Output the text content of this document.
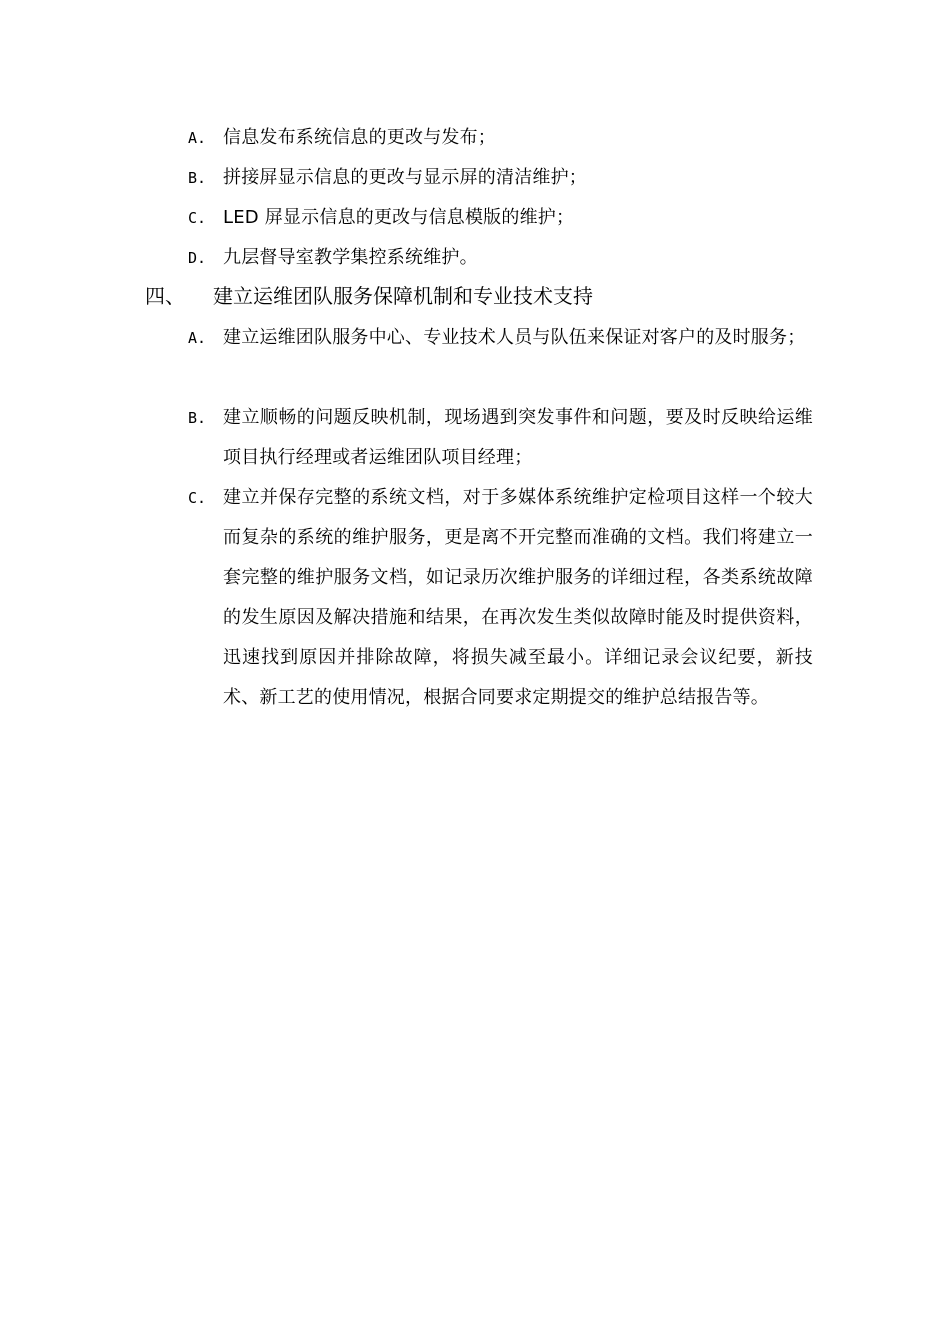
A. 信息发布系统信息的更改与发布；
B. 拼接屏显示信息的更改与显示屏的清洁维护；
C. LED 屏显示信息的更改与信息模版的维护；
D. 九层督导室教学集控系统维护。
四、 建立运维团队服务保障机制和专业技术支持
A. 建立运维团队服务中心、专业技术人员与队伍来保证对客户的及时服务；
B. 建立顺畅的问题反映机制，现场遇到突发事件和问题，要及时反映给运维项目执行经理或者运维团队项目经理；
C. 建立并保存完整的系统文档，对于多媒体系统维护定检项目这样一个较大而复杂的系统的维护服务，更是离不开完整而准确的文档。我们将建立一套完整的维护服务文档，如记录历次维护服务的详细过程，各类系统故障的发生原因及解决措施和结果，在再次发生类似故障时能及时提供资料，迅速找到原因并排除故障，将损失减至最小。详细记录会议纪要，新技术、新工艺的使用情况，根据合同要求定期提交的维护总结报告等。
